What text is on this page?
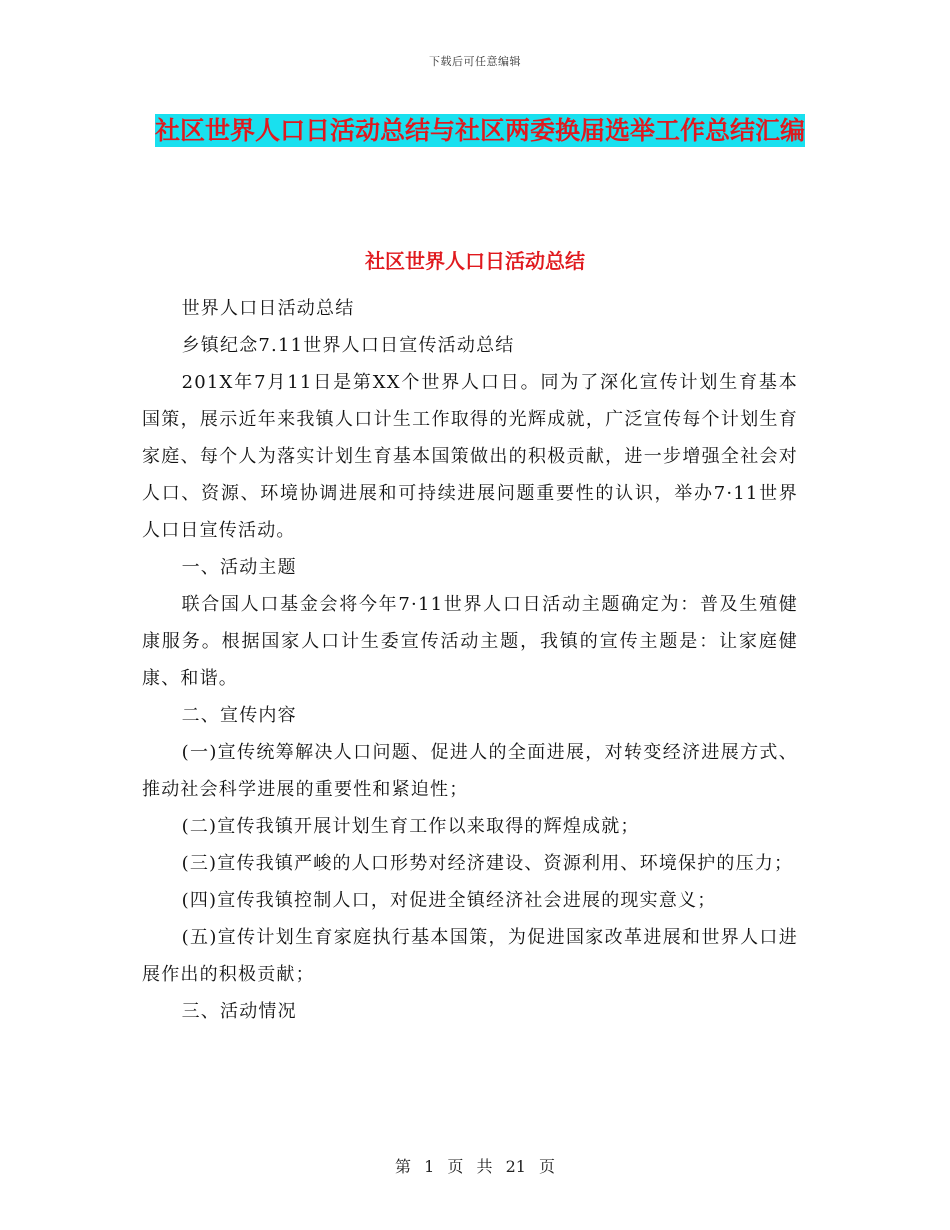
下载后可任意编辑
社区世界人口日活动总结与社区两委换届选举工作总结汇编
社区世界人口日活动总结

世界人口日活动总结

乡镇纪念7.11世界人口日宣传活动总结

201X年7月11日是第XX个世界人口日。同为了深化宣传计划生育基本国策，展示近年来我镇人口计生工作取得的光辉成就，广泛宣传每个计划生育家庭、每个人为落实计划生育基本国策做出的积极贡献，进一步增强全社会对人口、资源、环境协调进展和可持续进展问题重要性的认识，举办7·11世界人口日宣传活动。

一、活动主题

联合国人口基金会将今年7·11世界人口日活动主题确定为：普及生殖健康服务。根据国家人口计生委宣传活动主题，我镇的宣传主题是：让家庭健康、和谐。

二、宣传内容

(一)宣传统筹解决人口问题、促进人的全面进展，对转变经济进展方式、推动社会科学进展的重要性和紧迫性；

(二)宣传我镇开展计划生育工作以来取得的辉煌成就；

(三)宣传我镇严峻的人口形势对经济建设、资源利用、环境保护的压力；

(四)宣传我镇控制人口，对促进全镇经济社会进展的现实意义；

(五)宣传计划生育家庭执行基本国策，为促进国家改革进展和世界人口进展作出的积极贡献；

三、活动情况

第 1 页 共 21 页
